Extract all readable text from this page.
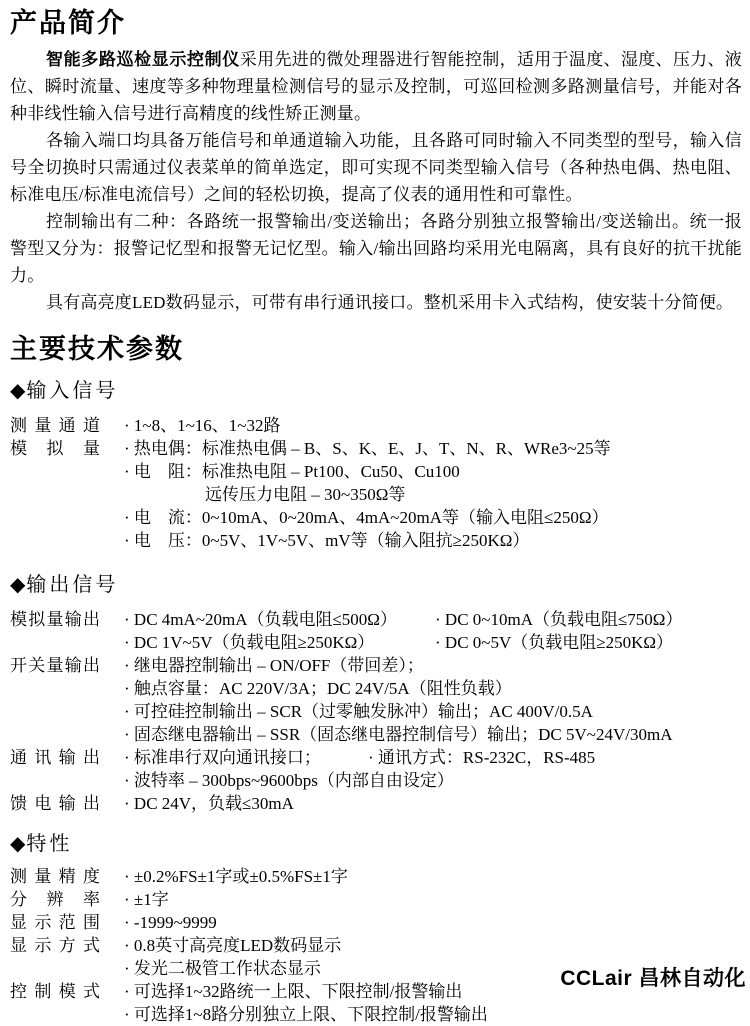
产品简介

智能多路巡检显示控制仪采用先进的微处理器进行智能控制，适用于温度、湿度、压力、液位、瞬时流量、速度等多种物理量检测信号的显示及控制，可巡回检测多路测量信号，并能对各种非线性输入信号进行高精度的线性矫正测量。

各输入端口均具备万能信号和单通道输入功能，且各路可同时输入不同类型的型号，输入信号全切换时只需通过仪表菜单的简单选定，即可实现不同类型输入信号（各种热电偶、热电阻、标准电压/标准电流信号）之间的轻松切换，提高了仪表的通用性和可靠性。

控制输出有二种：各路统一报警输出/变送输出；各路分别独立报警输出/变送输出。统一报警型又分为：报警记忆型和报警无记忆型。输入/输出回路均采用光电隔离，具有良好的抗干扰能力。

具有高亮度LED数码显示，可带有串行通讯接口。整机采用卡入式结构，使安装十分简便。

主要技术参数
◆输入信号
测量通道 · 1~8、1~16、1~32路
模拟量 · 热电偶：标准热电偶 – B、S、K、E、J、T、N、R、WRe3~25等
· 电　阻：标准热电阻 – Pt100、Cu50、Cu100
远传压力电阻 – 30~350Ω等
· 电　流：0~10mA、0~20mA、4mA~20mA等（输入电阻≤250Ω）
· 电　压：0~5V、1V~5V、mV等（输入阻抗≥250KΩ）
◆输出信号
模拟量输出 · DC 4mA~20mA（负载电阻≤500Ω）	· DC 0~10mA（负载电阻≤750Ω）
· DC 1V~5V（负载电阻≥250KΩ）	· DC 0~5V（负载电阻≥250KΩ）
开关量输出 · 继电器控制输出 – ON/OFF（带回差）；
· 触点容量：AC 220V/3A；DC 24V/5A（阻性负载）
· 可控硅控制输出 – SCR（过零触发脉冲）输出；AC 400V/0.5A
· 固态继电器输出 – SSR（固态继电器控制信号）输出；DC 5V~24V/30mA
通讯输出 · 标准串行双向通讯接口；	· 通讯方式：RS-232C，RS-485
· 波特率 – 300bps~9600bps（内部自由设定）
馈电输出 · DC 24V，负载≤30mA
◆特性
测量精度 · ±0.2%FS±1字或±0.5%FS±1字
分辨率 · ±1字
显示范围 · -1999~9999
显示方式 · 0.8英寸高亮度LED数码显示
· 发光二极管工作状态显示
控制模式 · 可选择1~32路统一上限、下限控制/报警输出
· 可选择1~8路分别独立上限、下限控制/报警输出
CCLair 昌林自动化
